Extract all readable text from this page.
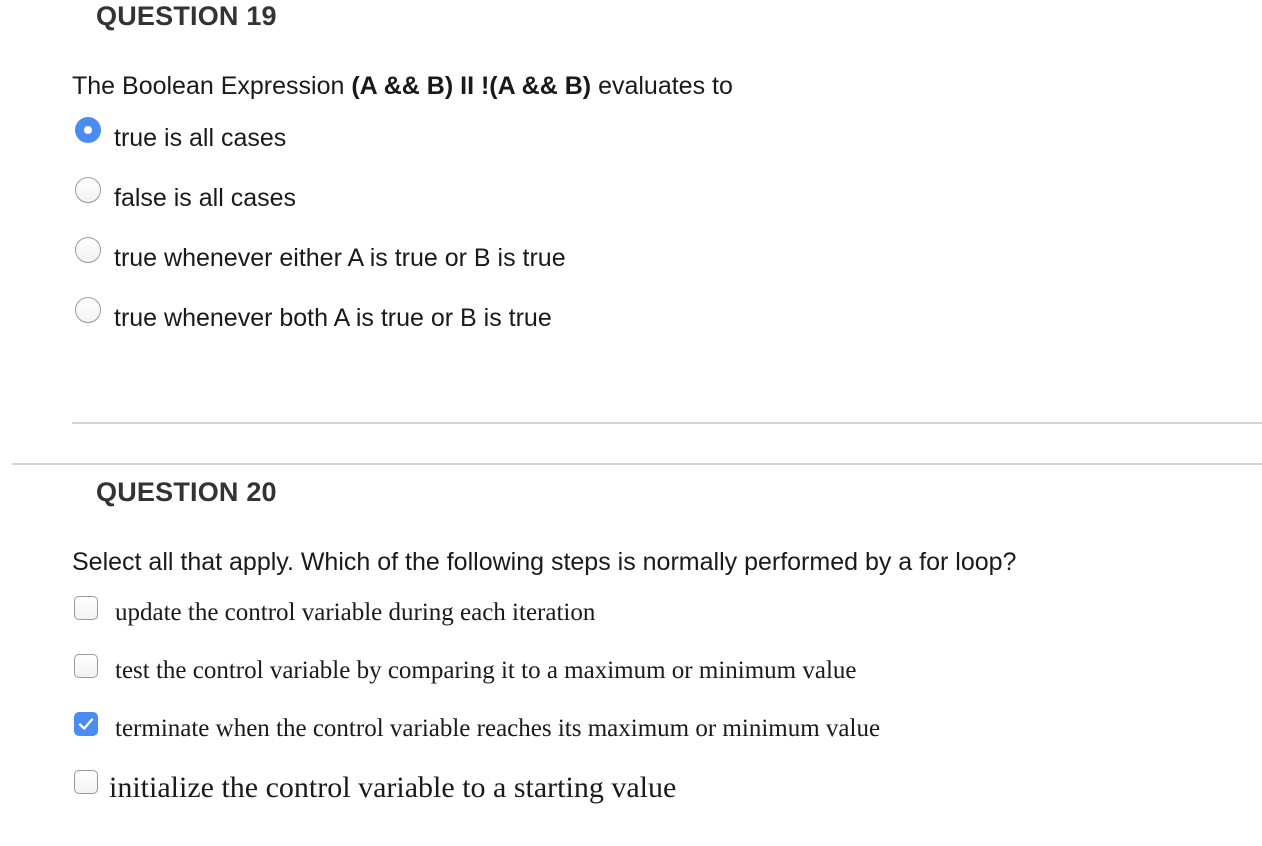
QUESTION 19
The Boolean Expression (A && B) II !(A && B) evaluates to
true is all cases
false is all cases
true whenever either A is true or B is true
true whenever both A is true or B is true
QUESTION 20
Select all that apply. Which of the following steps is normally performed by a for loop?
update the control variable during each iteration
test the control variable by comparing it to a maximum or minimum value
terminate when the control variable reaches its maximum or minimum value
initialize the control variable to a starting value
